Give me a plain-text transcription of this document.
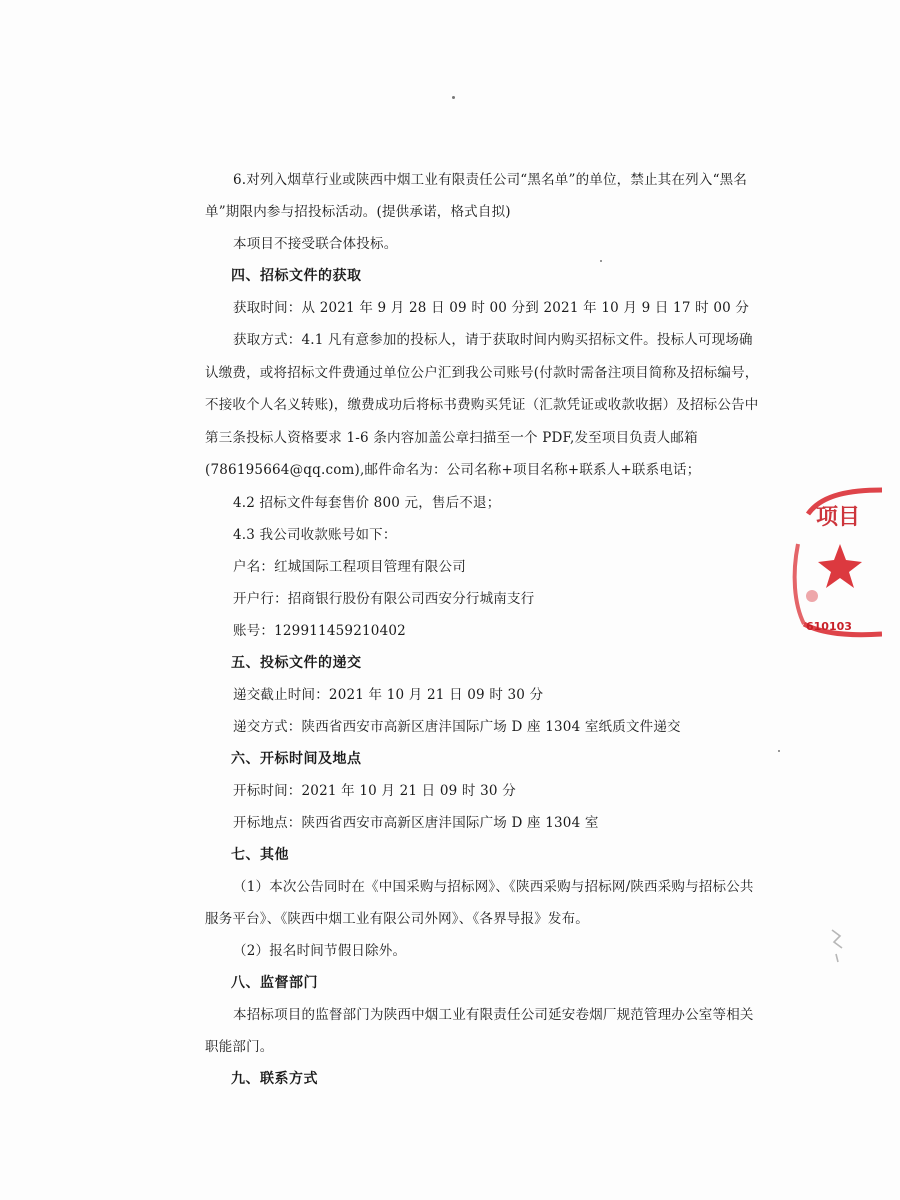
6.对列入烟草行业或陕西中烟工业有限责任公司“黑名单”的单位，禁止其在列入“黑名单”期限内参与招投标活动。(提供承诺，格式自拟)

本项目不接受联合体投标。

四、招标文件的获取

获取时间：从 2021 年 9 月 28 日 09 时 00 分到 2021 年 10 月 9 日 17 时 00 分

获取方式：4.1 凡有意参加的投标人，请于获取时间内购买招标文件。投标人可现场确认缴费，或将招标文件费通过单位公户汇到我公司账号(付款时需备注项目简称及招标编号，不接收个人名义转账)，缴费成功后将标书费购买凭证（汇款凭证或收款收据）及招标公告中第三条投标人资格要求 1-6 条内容加盖公章扫描至一个 PDF,发至项目负责人邮箱(786195664@qq.com),邮件命名为：公司名称+项目名称+联系人+联系电话；

4.2 招标文件每套售价 800 元，售后不退；

4.3 我公司收款账号如下：

户名：红城国际工程项目管理有限公司

开户行：招商银行股份有限公司西安分行城南支行

账号：129911459210402

五、投标文件的递交

递交截止时间：2021 年 10 月 21 日 09 时 30 分

递交方式：陕西省西安市高新区唐沣国际广场 D 座 1304 室纸质文件递交

六、开标时间及地点

开标时间：2021 年 10 月 21 日 09 时 30 分

开标地点：陕西省西安市高新区唐沣国际广场 D 座 1304 室

七、其他

（1）本次公告同时在《中国采购与招标网》、《陕西采购与招标网/陕西采购与招标公共服务平台》、《陕西中烟工业有限公司外网》、《各界导报》发布。

（2）报名时间节假日除外。

八、监督部门

本招标项目的监督部门为陕西中烟工业有限责任公司延安卷烟厂规范管理办公室等相关职能部门。

九、联系方式

项目
610103
